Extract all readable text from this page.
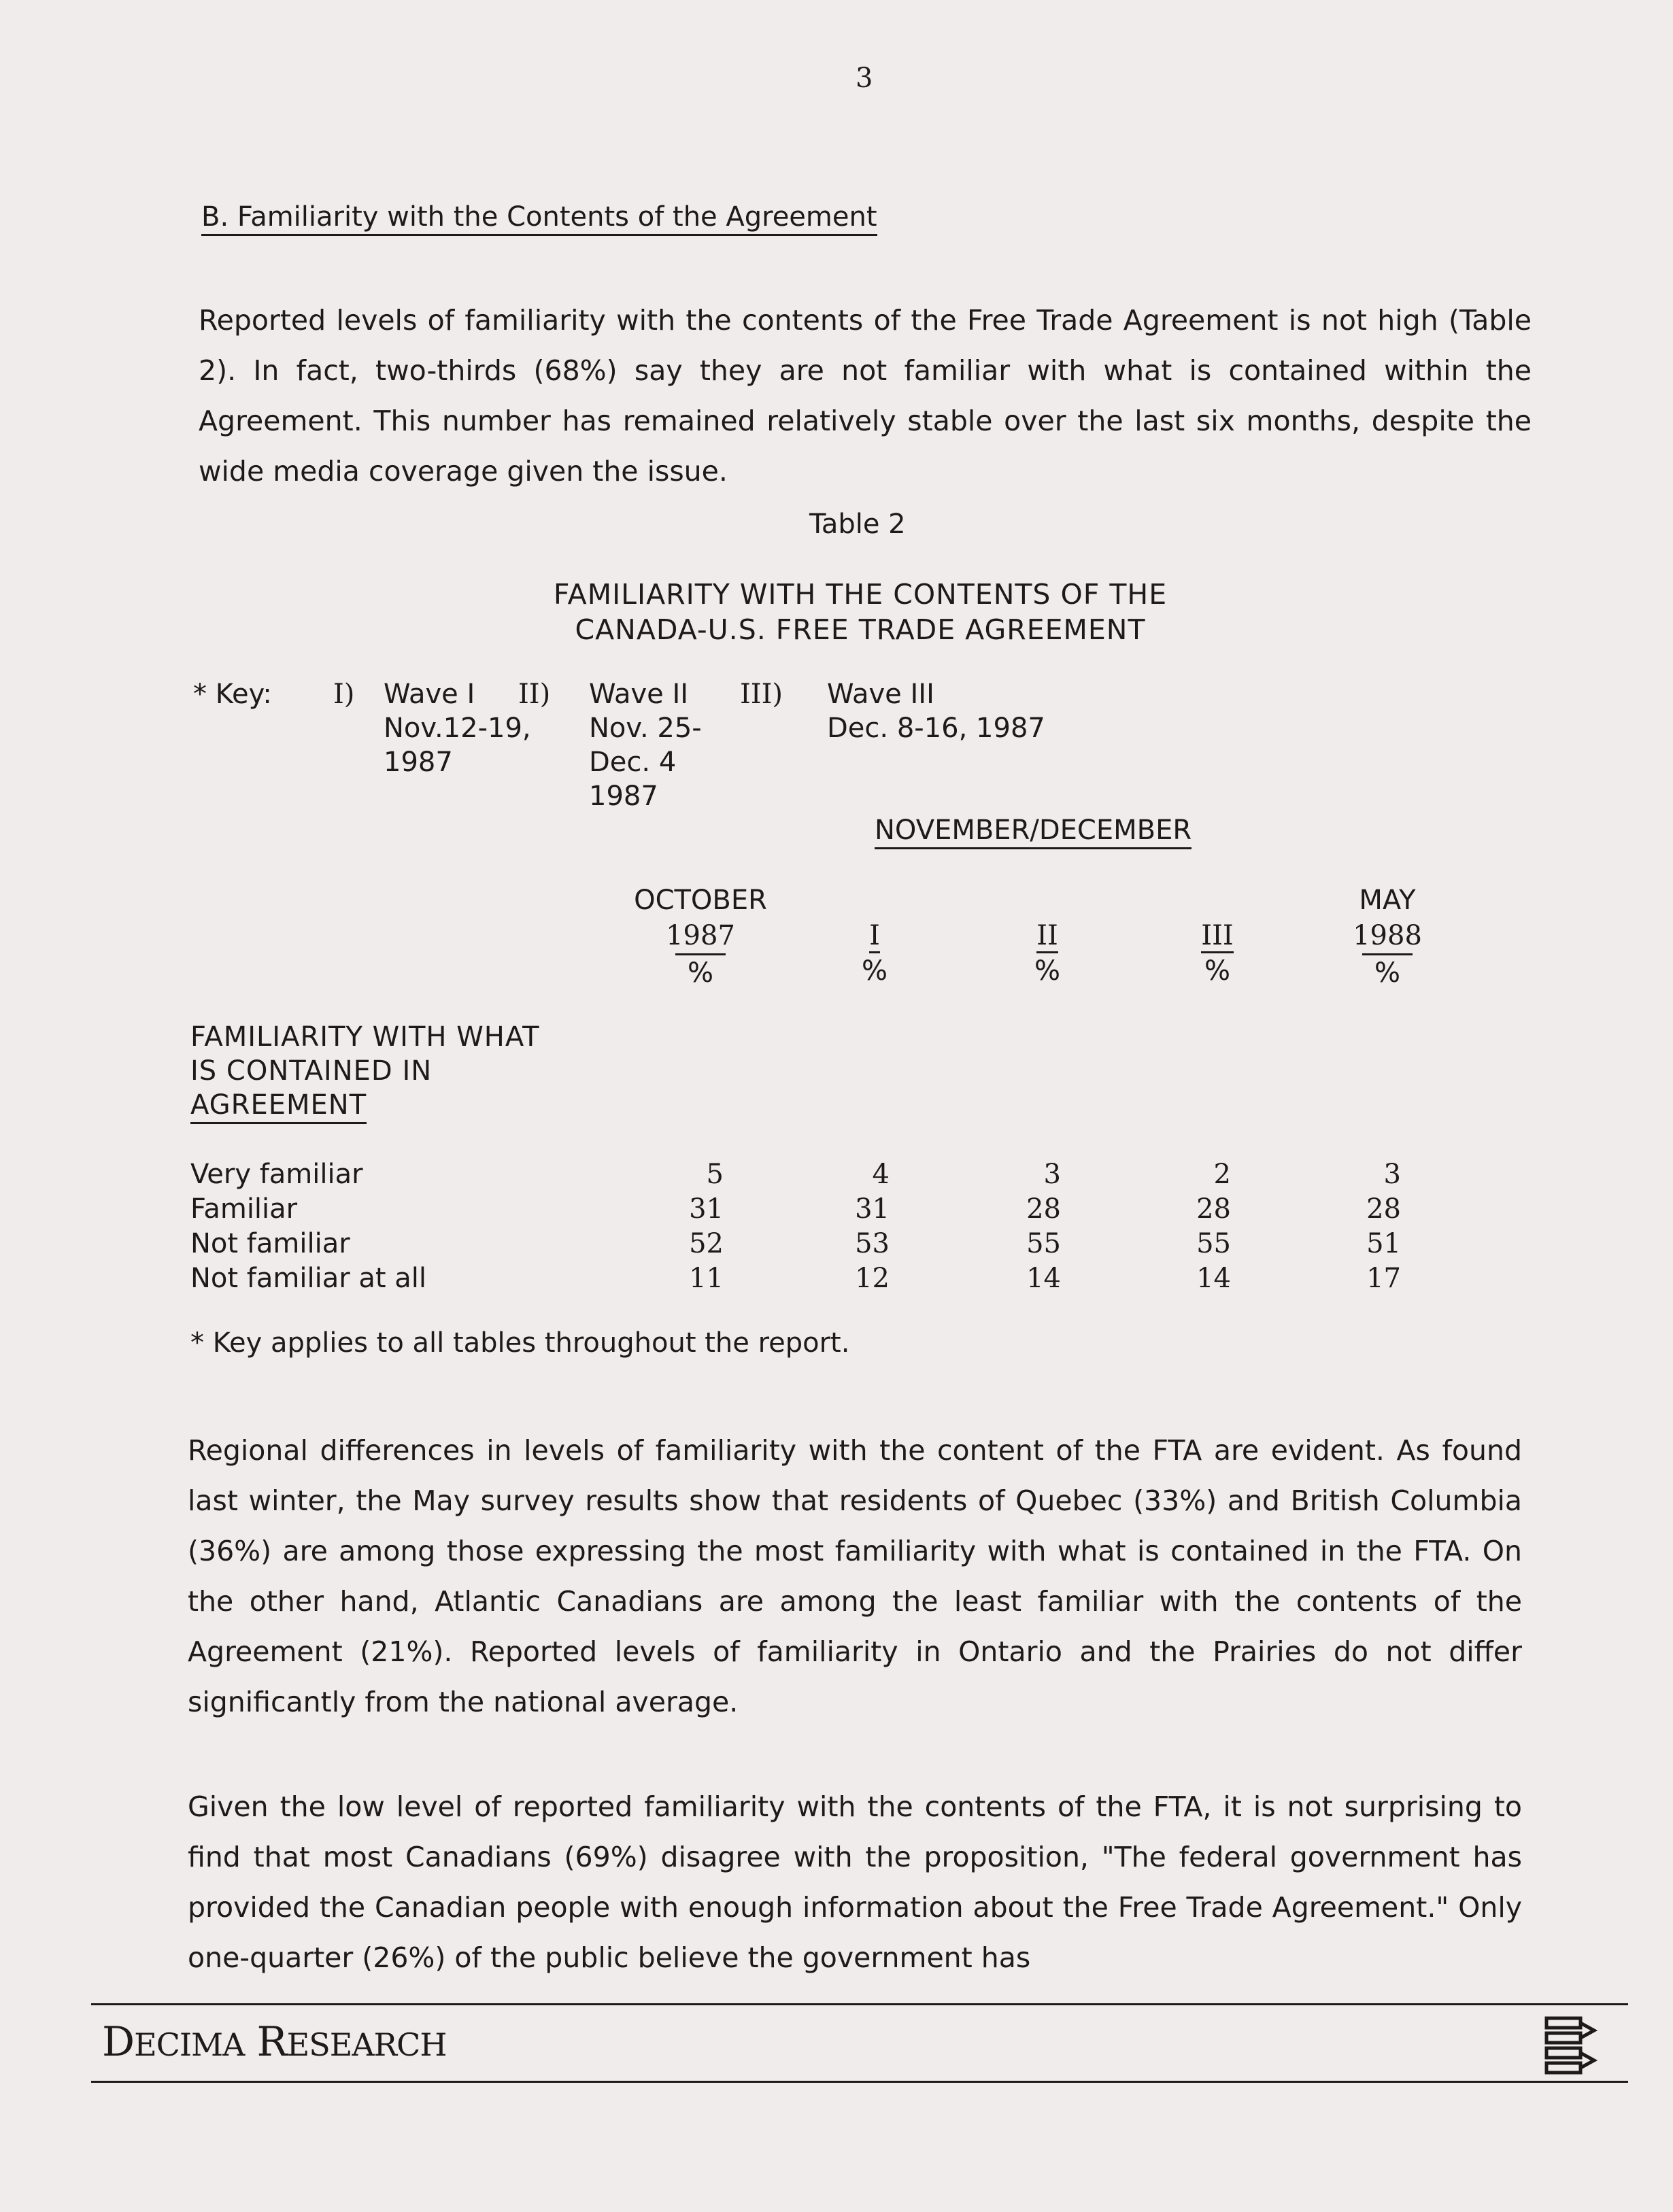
3
B. Familiarity with the Contents of the Agreement

Reported levels of familiarity with the contents of the Free Trade Agreement is not high (Table 2). In fact, two-thirds (68%) say they are not familiar with what is contained within the Agreement. This number has remained relatively stable over the last six months, despite the wide media coverage given the issue.

Table 2
FAMILIARITY WITH THE CONTENTS OF THE
CANADA-U.S. FREE TRADE AGREEMENT
* Key: I) Wave I
Nov.12-19,
1987
II) Wave II
Nov. 25-
Dec. 4
1987
III) Wave III
Dec. 8-16, 1987
NOVEMBER/DECEMBER
OCTOBER
1987
%
I
%
II
%
III
%
MAY
1988
%
FAMILIARITY WITH WHAT
IS CONTAINED IN
AGREEMENT
Very familiar
Familiar
Not familiar
Not familiar at all
5
31
52
11
4
31
53
12
3
28
55
14
2
28
55
14
3
28
51
17
* Key applies to all tables throughout the report.

Regional differences in levels of familiarity with the content of the FTA are evident. As found last winter, the May survey results show that residents of Quebec (33%) and British Columbia (36%) are among those expressing the most familiarity with what is contained in the FTA. On the other hand, Atlantic Canadians are among the least familiar with the contents of the Agreement (21%). Reported levels of familiarity in Ontario and the Prairies do not differ significantly from the national average.

Given the low level of reported familiarity with the contents of the FTA, it is not surprising to find that most Canadians (69%) disagree with the proposition, "The federal government has provided the Canadian people with enough information about the Free Trade Agreement." Only one-quarter (26%) of the public believe the government has

DECIMA RESEARCH
